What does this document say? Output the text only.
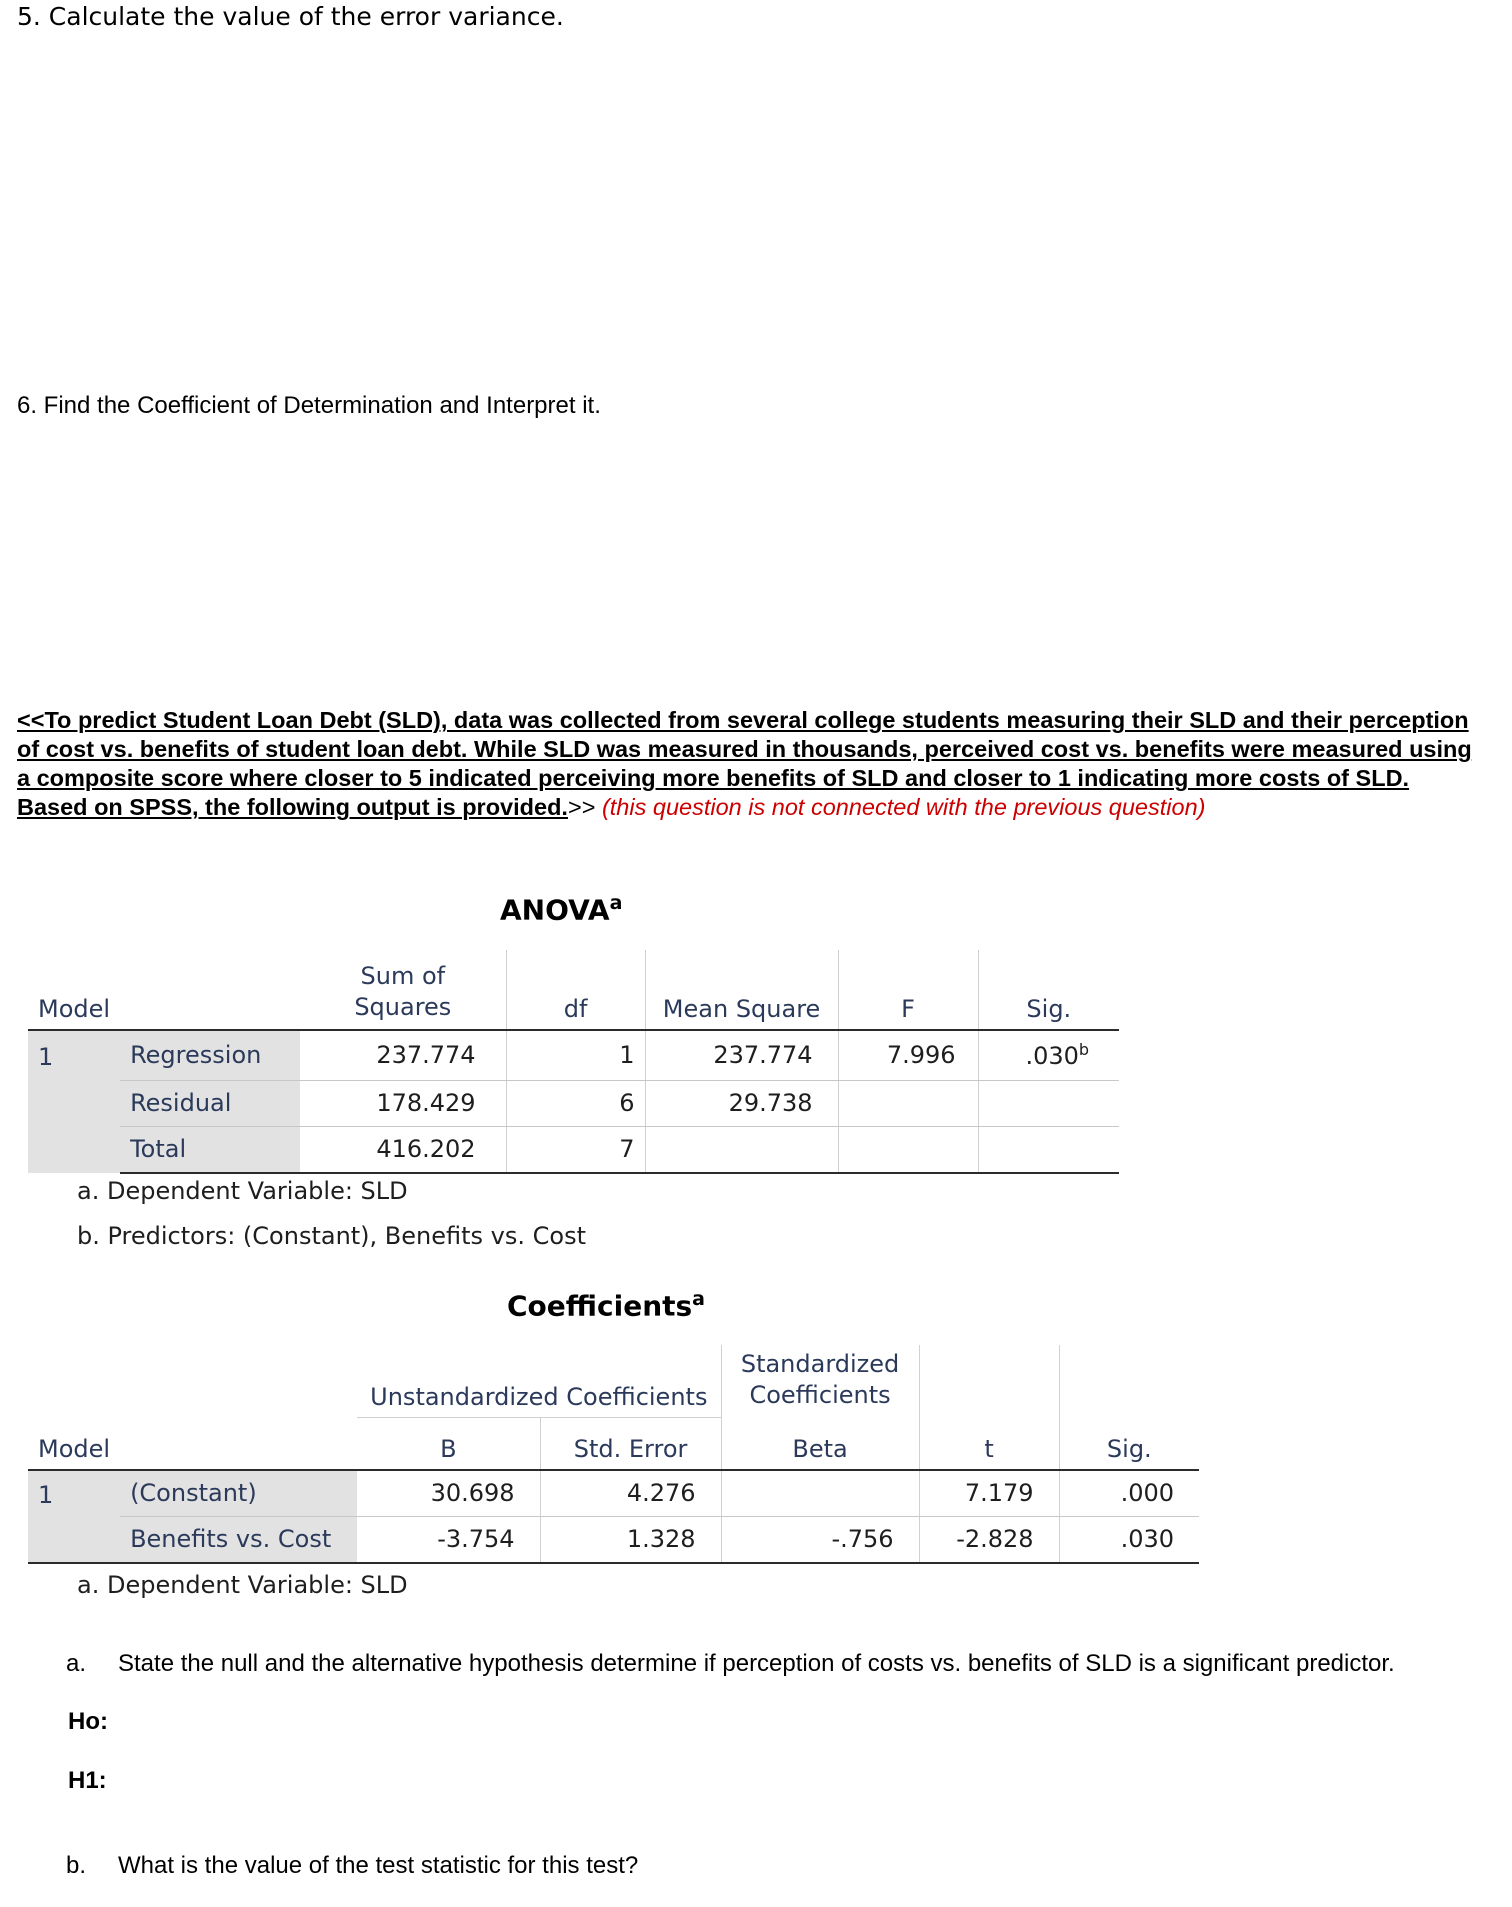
5. Calculate the value of the error variance.
6. Find the Coefficient of Determination and Interpret it.
<<To predict Student Loan Debt (SLD), data was collected from several college students measuring their SLD and their perception of cost vs. benefits of student loan debt. While SLD was measured in thousands, perceived cost vs. benefits were measured using a composite score where closer to 5 indicated perceiving more benefits of SLD and closer to 1 indicating more costs of SLD. Based on SPSS, the following output is provided.>> (this question is not connected with the previous question)
ANOVA$^a$
Model		Sum of Squares	df	Mean Square	F	Sig.
1	Regression	237.774	1	237.774	7.996	.030$^b$
	Residual	178.429	6	29.738		
	Total	416.202	7			
a. Dependent Variable: SLD
b. Predictors: (Constant), Benefits vs. Cost
Coefficients$^a$
Model		Unstandardized Coefficients		Standardized Coefficients	t	Sig.
		B	Std. Error	Beta		
1	(Constant)	30.698	4.276		7.179	.000
	Benefits vs. Cost	-3.754	1.328	-.756	-2.828	.030
a. Dependent Variable: SLD
a. State the null and the alternative hypothesis determine if perception of costs vs. benefits of SLD is a significant predictor.
Ho:
H1:
b. What is the value of the test statistic for this test?
